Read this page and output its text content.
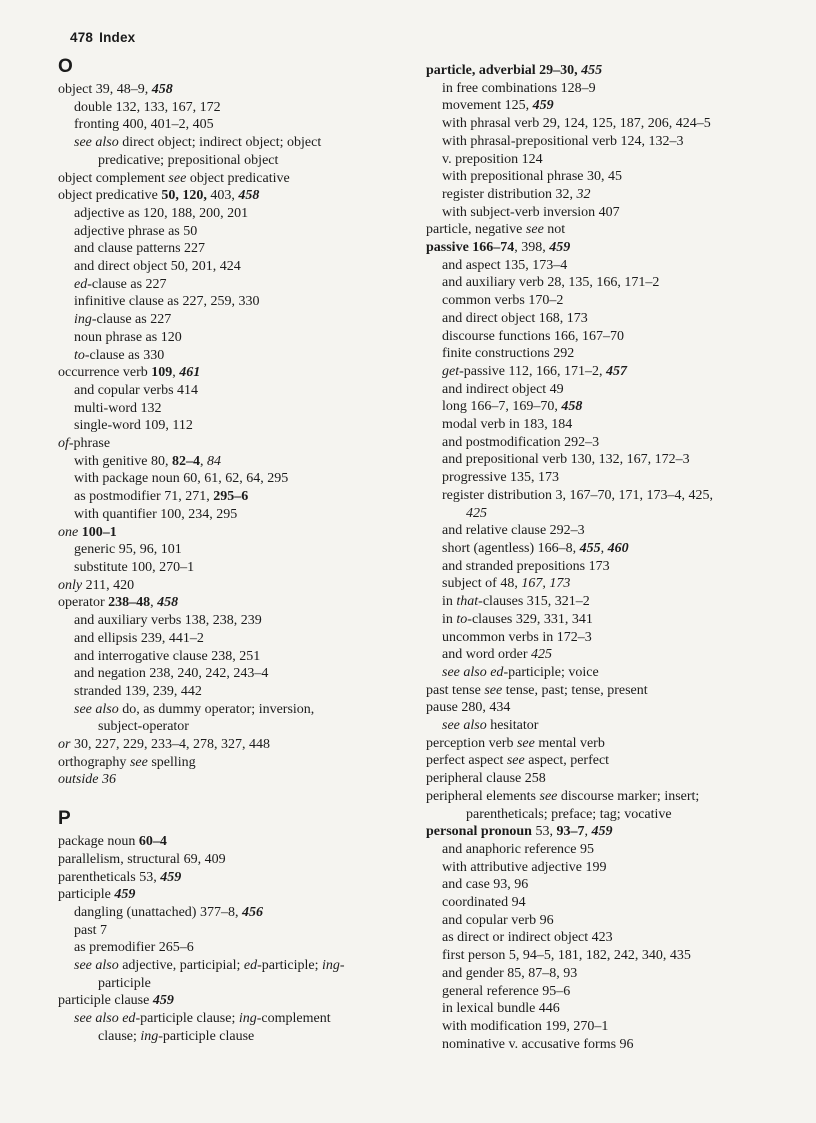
478 Index
O
object 39, 48–9, 458
double 132, 133, 167, 172
fronting 400, 401–2, 405
see also direct object; indirect object; object
predicative; prepositional object
object complement see object predicative
object predicative 50, 120, 403, 458
adjective as 120, 188, 200, 201
adjective phrase as 50
and clause patterns 227
and direct object 50, 201, 424
ed-clause as 227
infinitive clause as 227, 259, 330
ing-clause as 227
noun phrase as 120
to-clause as 330
occurrence verb 109, 461
and copular verbs 414
multi-word 132
single-word 109, 112
of-phrase
with genitive 80, 82–4, 84
with package noun 60, 61, 62, 64, 295
as postmodifier 71, 271, 295–6
with quantifier 100, 234, 295
one 100–1
generic 95, 96, 101
substitute 100, 270–1
only 211, 420
operator 238–48, 458
and auxiliary verbs 138, 238, 239
and ellipsis 239, 441–2
and interrogative clause 238, 251
and negation 238, 240, 242, 243–4
stranded 139, 239, 442
see also do, as dummy operator; inversion,
subject-operator
or 30, 227, 229, 233–4, 278, 327, 448
orthography see spelling
outside 36
P
package noun 60–4
parallelism, structural 69, 409
parentheticals 53, 459
participle 459
dangling (unattached) 377–8, 456
past 7
as premodifier 265–6
see also adjective, participial; ed-participle; ing-
participle
participle clause 459
see also ed-participle clause; ing-complement
clause; ing-participle clause
particle, adverbial 29–30, 455
in free combinations 128–9
movement 125, 459
with phrasal verb 29, 124, 125, 187, 206, 424–5
with phrasal-prepositional verb 124, 132–3
v. preposition 124
with prepositional phrase 30, 45
register distribution 32, 32
with subject-verb inversion 407
particle, negative see not
passive 166–74, 398, 459
and aspect 135, 173–4
and auxiliary verb 28, 135, 166, 171–2
common verbs 170–2
and direct object 168, 173
discourse functions 166, 167–70
finite constructions 292
get-passive 112, 166, 171–2, 457
and indirect object 49
long 166–7, 169–70, 458
modal verb in 183, 184
and postmodification 292–3
and prepositional verb 130, 132, 167, 172–3
progressive 135, 173
register distribution 3, 167–70, 171, 173–4, 425,
425
and relative clause 292–3
short (agentless) 166–8, 455, 460
and stranded prepositions 173
subject of 48, 167, 173
in that-clauses 315, 321–2
in to-clauses 329, 331, 341
uncommon verbs in 172–3
and word order 425
see also ed-participle; voice
past tense see tense, past; tense, present
pause 280, 434
see also hesitator
perception verb see mental verb
perfect aspect see aspect, perfect
peripheral clause 258
peripheral elements see discourse marker; insert;
parentheticals; preface; tag; vocative
personal pronoun 53, 93–7, 459
and anaphoric reference 95
with attributive adjective 199
and case 93, 96
coordinated 94
and copular verb 96
as direct or indirect object 423
first person 5, 94–5, 181, 182, 242, 340, 435
and gender 85, 87–8, 93
general reference 95–6
in lexical bundle 446
with modification 199, 270–1
nominative v. accusative forms 96
